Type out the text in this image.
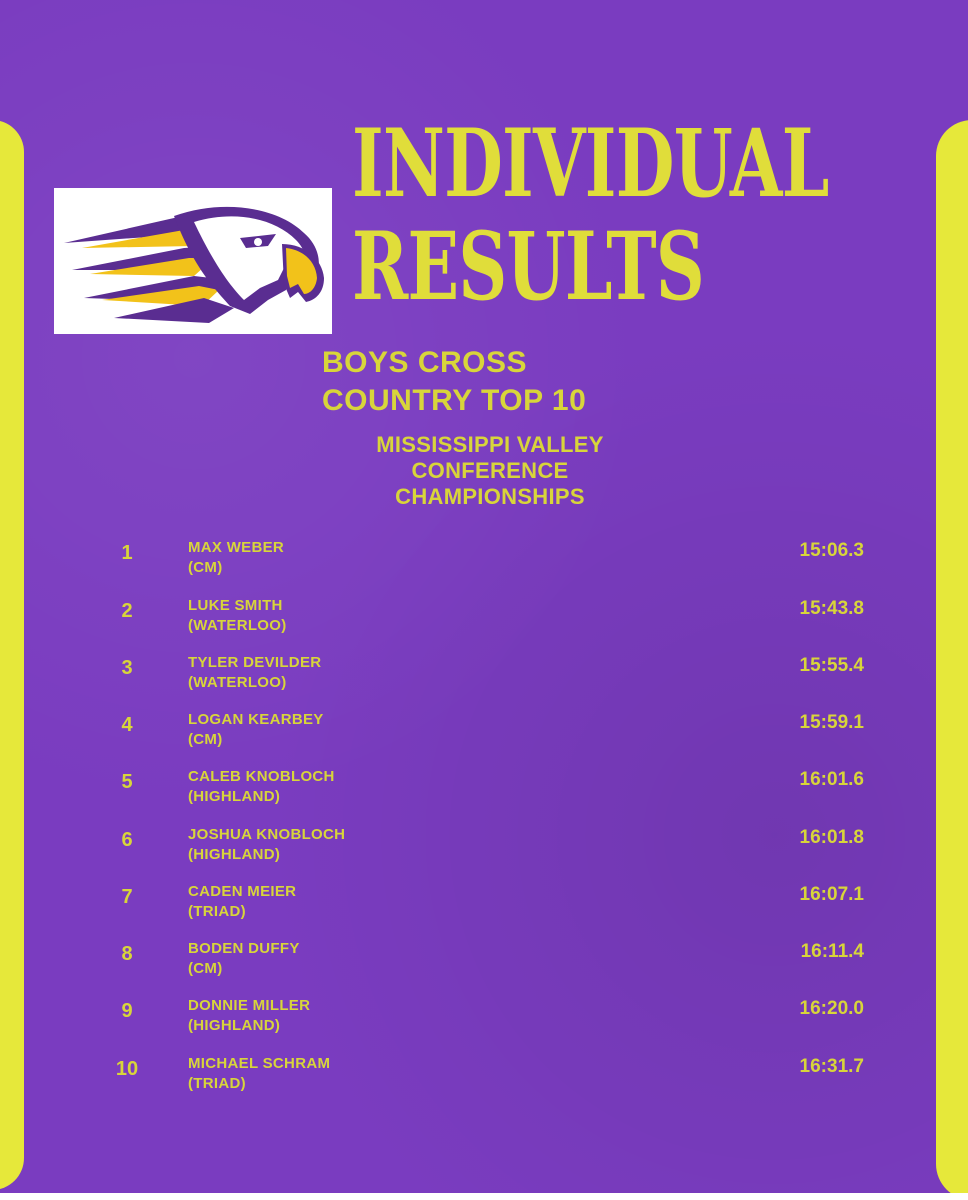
INDIVIDUAL
RESULTS
BOYS CROSS
COUNTRY TOP 10
MISSISSIPPI VALLEY
CONFERENCE
CHAMPIONSHIPS
1	MAX WEBER
(CM)
15:06.3
2	LUKE SMITH
(WATERLOO)
15:43.8
3	TYLER DEVILDER
(WATERLOO)
15:55.4
4	LOGAN KEARBEY
(CM)
15:59.1
5	CALEB KNOBLOCH
(HIGHLAND)
16:01.6
6	JOSHUA KNOBLOCH
(HIGHLAND)
16:01.8
7	CADEN MEIER
(TRIAD)
16:07.1
8	BODEN DUFFY
(CM)
16:11.4
9	DONNIE MILLER
(HIGHLAND)
16:20.0
10	MICHAEL SCHRAM
(TRIAD)
16:31.7
